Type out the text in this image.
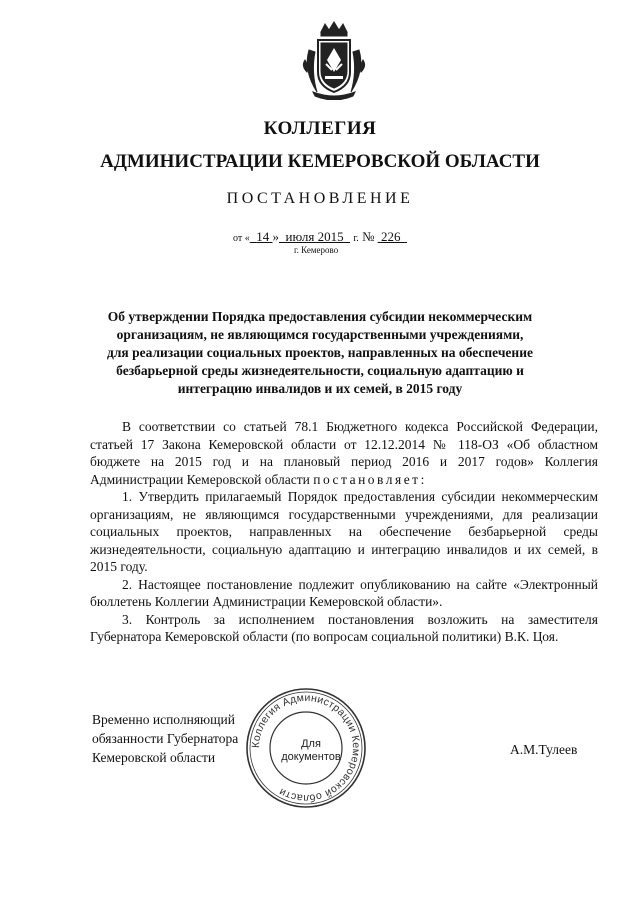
КОЛЛЕГИЯ
АДМИНИСТРАЦИИ КЕМЕРОВСКОЙ ОБЛАСТИ
ПОСТАНОВЛЕНИЕ
от « 14 » июля 2015 г. № 226
г. Кемерово
Об утверждении Порядка предоставления субсидии некоммерческим
организациям, не являющимся государственными учреждениями,
для реализации социальных проектов, направленных на обеспечение
безбарьерной среды жизнедеятельности, социальную адаптацию и
интеграцию инвалидов и их семей, в 2015 году

В соответствии со статьей 78.1 Бюджетного кодекса Российской Федерации, статьей 17 Закона Кемеровской области от 12.12.2014 № 118-ОЗ «Об областном бюджете на 2015 год и на плановый период 2016 и 2017 годов» Коллегия Администрации Кемеровской области постановляет:

1. Утвердить прилагаемый Порядок предоставления субсидии некоммерческим организациям, не являющимся государственными учреждениями, для реализации социальных проектов, направленных на обеспечение безбарьерной среды жизнедеятельности, социальную адаптацию и интеграцию инвалидов и их семей, в 2015 году.

2. Настоящее постановление подлежит опубликованию на сайте «Электронный бюллетень Коллегии Администрации Кемеровской области».

3. Контроль за исполнением постановления возложить на заместителя Губернатора Кемеровской области (по вопросам социальной политики) В.К. Цоя.

Временно исполняющий
обязанности Губернатора
Кемеровской области
А.М.Тулеев
Коллегия Администрации Кемеровской области
Для
документов
